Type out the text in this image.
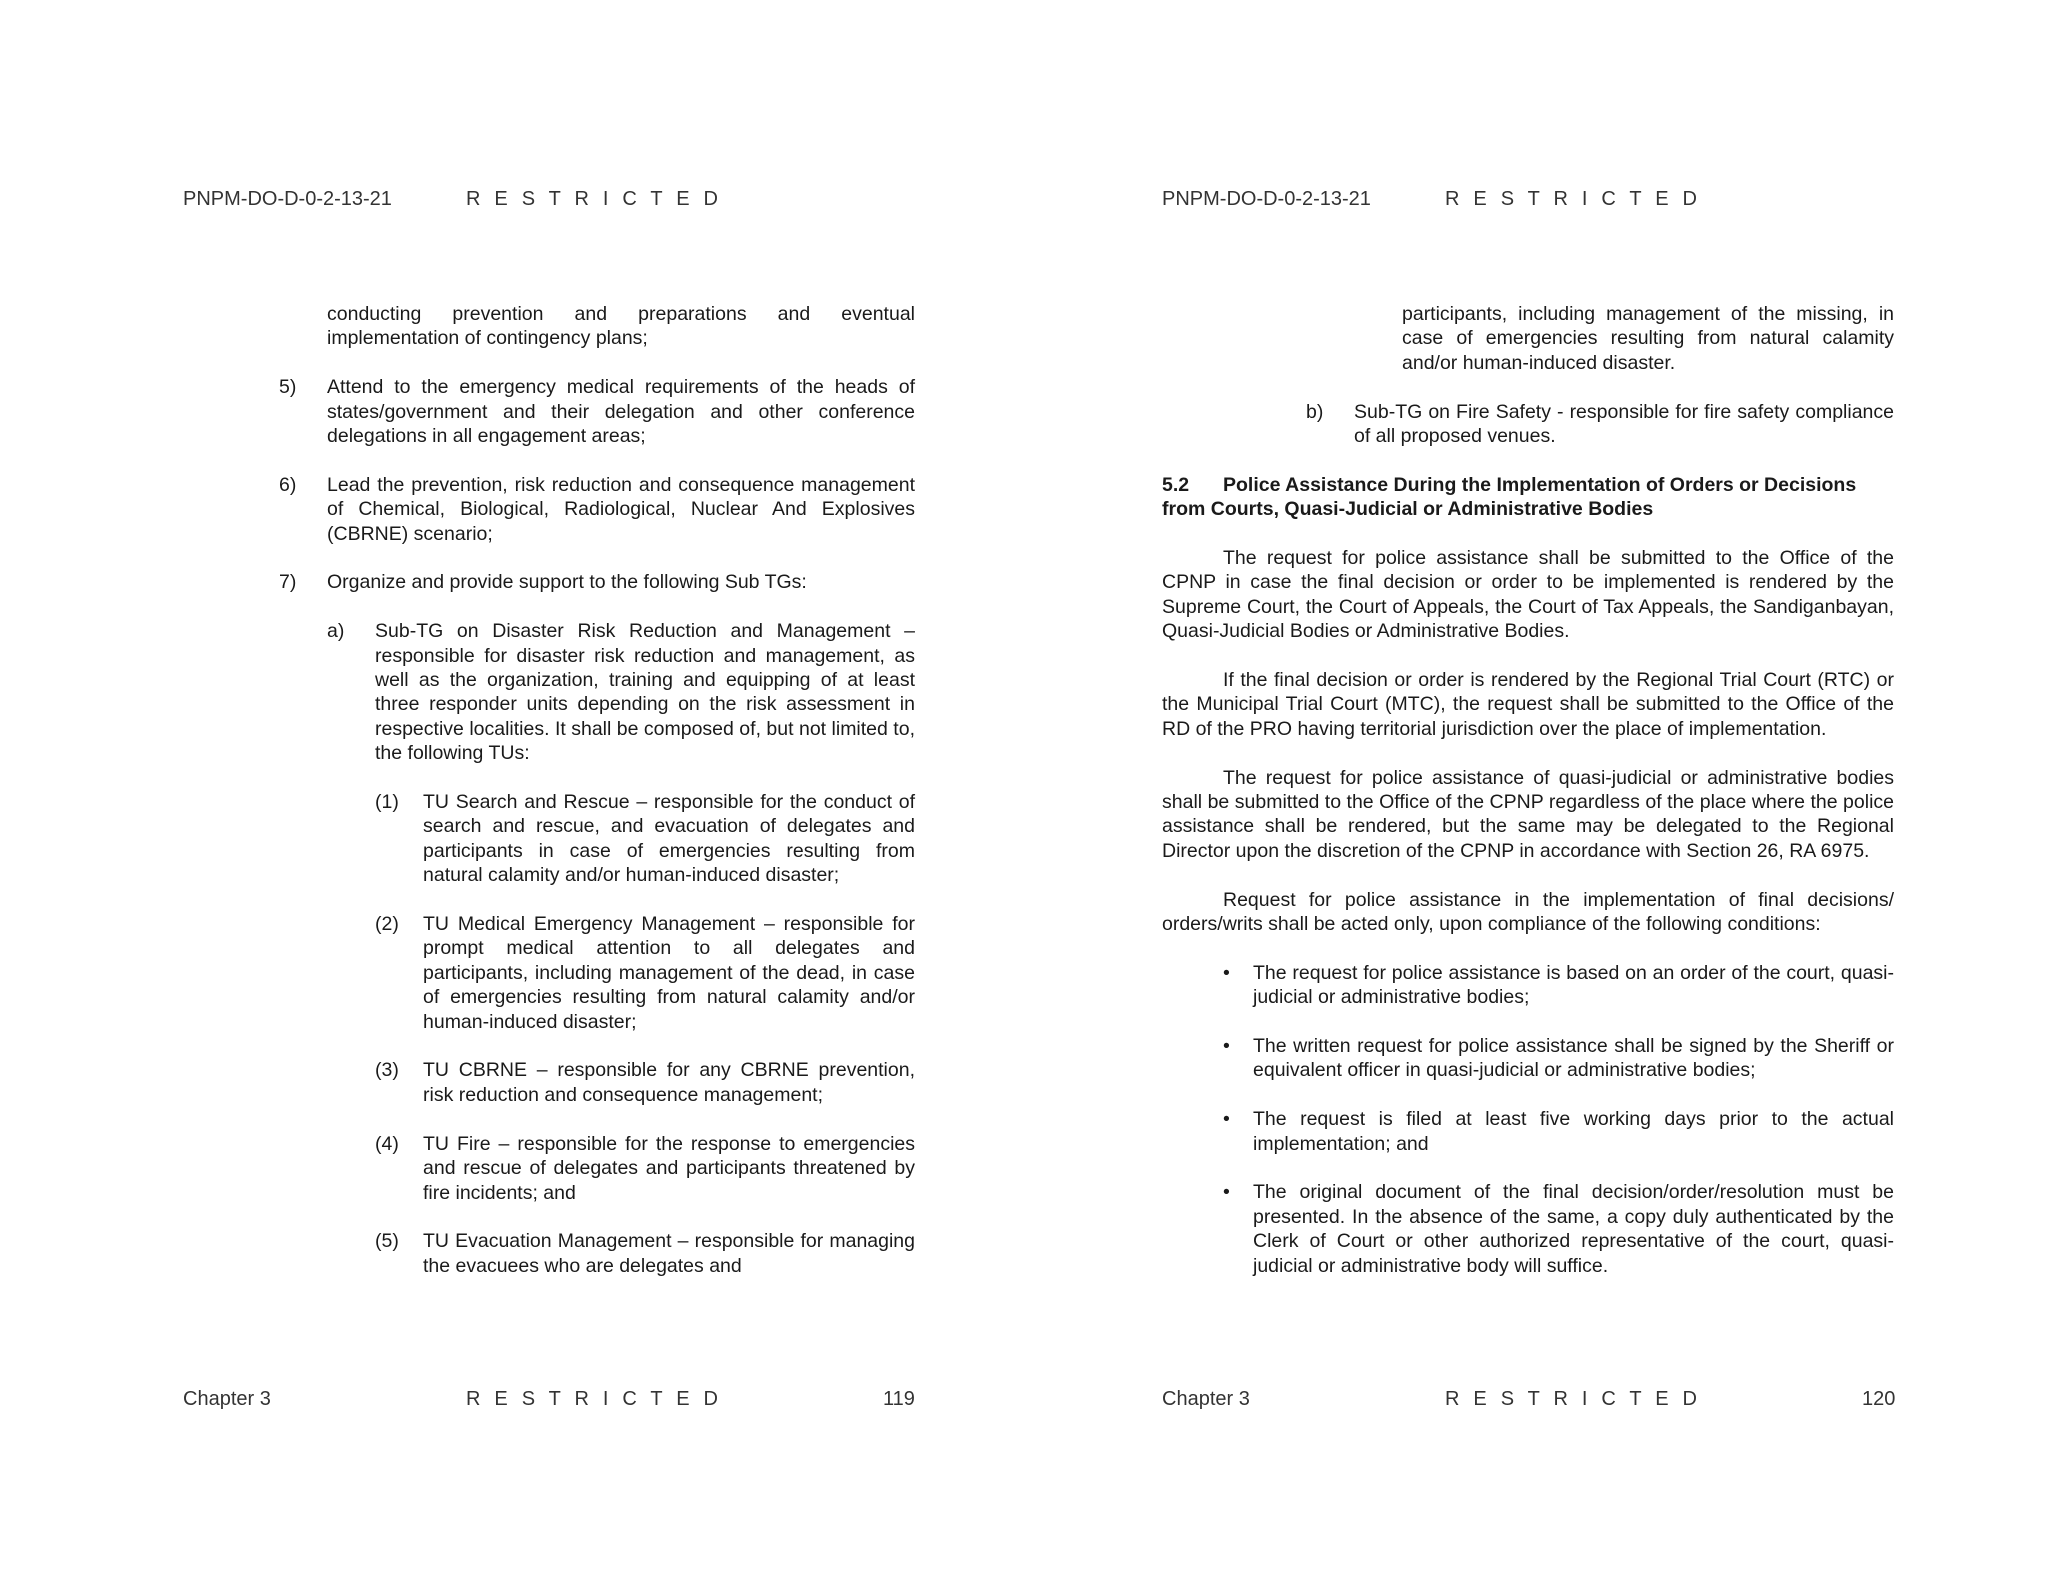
PNPM-DO-D-0-2-13-21	R E S T R I C T E D

conducting prevention and preparations and eventual implementation of contingency plans;

5)	Attend to the emergency medical requirements of the heads of states/government and their delegation and other conference delegations in all engagement areas;
6)	Lead the prevention, risk reduction and consequence management of Chemical, Biological, Radiological, Nuclear And Explosives (CBRNE) scenario;
7)	Organize and provide support to the following Sub TGs:
a)	Sub-TG on Disaster Risk Reduction and Management – responsible for disaster risk reduction and management, as well as the organization, training and equipping of at least three responder units depending on the risk assessment in respective localities. It shall be composed of, but not limited to, the following TUs:
(1)	TU Search and Rescue – responsible for the conduct of search and rescue, and evacuation of delegates and participants in case of emergencies resulting from natural calamity and/or human-induced disaster;
(2)	TU Medical Emergency Management – responsible for prompt medical attention to all delegates and participants, including management of the dead, in case of emergencies resulting from natural calamity and/or human-induced disaster;
(3)	TU CBRNE – responsible for any CBRNE prevention, risk reduction and consequence management;
(4)	TU Fire – responsible for the response to emergencies and rescue of delegates and participants threatened by fire incidents; and
(5)	TU Evacuation Management – responsible for managing the evacuees who are delegates and
Chapter 3	R E S T R I C T E D	119
PNPM-DO-D-0-2-13-21	R E S T R I C T E D

participants, including management of the missing, in case of emergencies resulting from natural calamity and/or human-induced disaster.

b)	Sub-TG on Fire Safety - responsible for fire safety compliance of all proposed venues.
5.2 Police Assistance During the Implementation of Orders or Decisions from Courts, Quasi-Judicial or Administrative Bodies

The request for police assistance shall be submitted to the Office of the CPNP in case the final decision or order to be implemented is rendered by the Supreme Court, the Court of Appeals, the Court of Tax Appeals, the Sandiganbayan, Quasi-Judicial Bodies or Administrative Bodies.

If the final decision or order is rendered by the Regional Trial Court (RTC) or the Municipal Trial Court (MTC), the request shall be submitted to the Office of the RD of the PRO having territorial jurisdiction over the place of implementation.

The request for police assistance of quasi-judicial or administrative bodies shall be submitted to the Office of the CPNP regardless of the place where the police assistance shall be rendered, but the same may be delegated to the Regional Director upon the discretion of the CPNP in accordance with Section 26, RA 6975.

Request for police assistance in the implementation of final decisions/ orders/writs shall be acted only, upon compliance of the following conditions:

• The request for police assistance is based on an order of the court, quasi-judicial or administrative bodies;
• The written request for police assistance shall be signed by the Sheriff or equivalent officer in quasi-judicial or administrative bodies;
• The request is filed at least five working days prior to the actual implementation; and
• The original document of the final decision/order/resolution must be presented. In the absence of the same, a copy duly authenticated by the Clerk of Court or other authorized representative of the court, quasi-judicial or administrative body will suffice.
Chapter 3	R E S T R I C T E D	120
